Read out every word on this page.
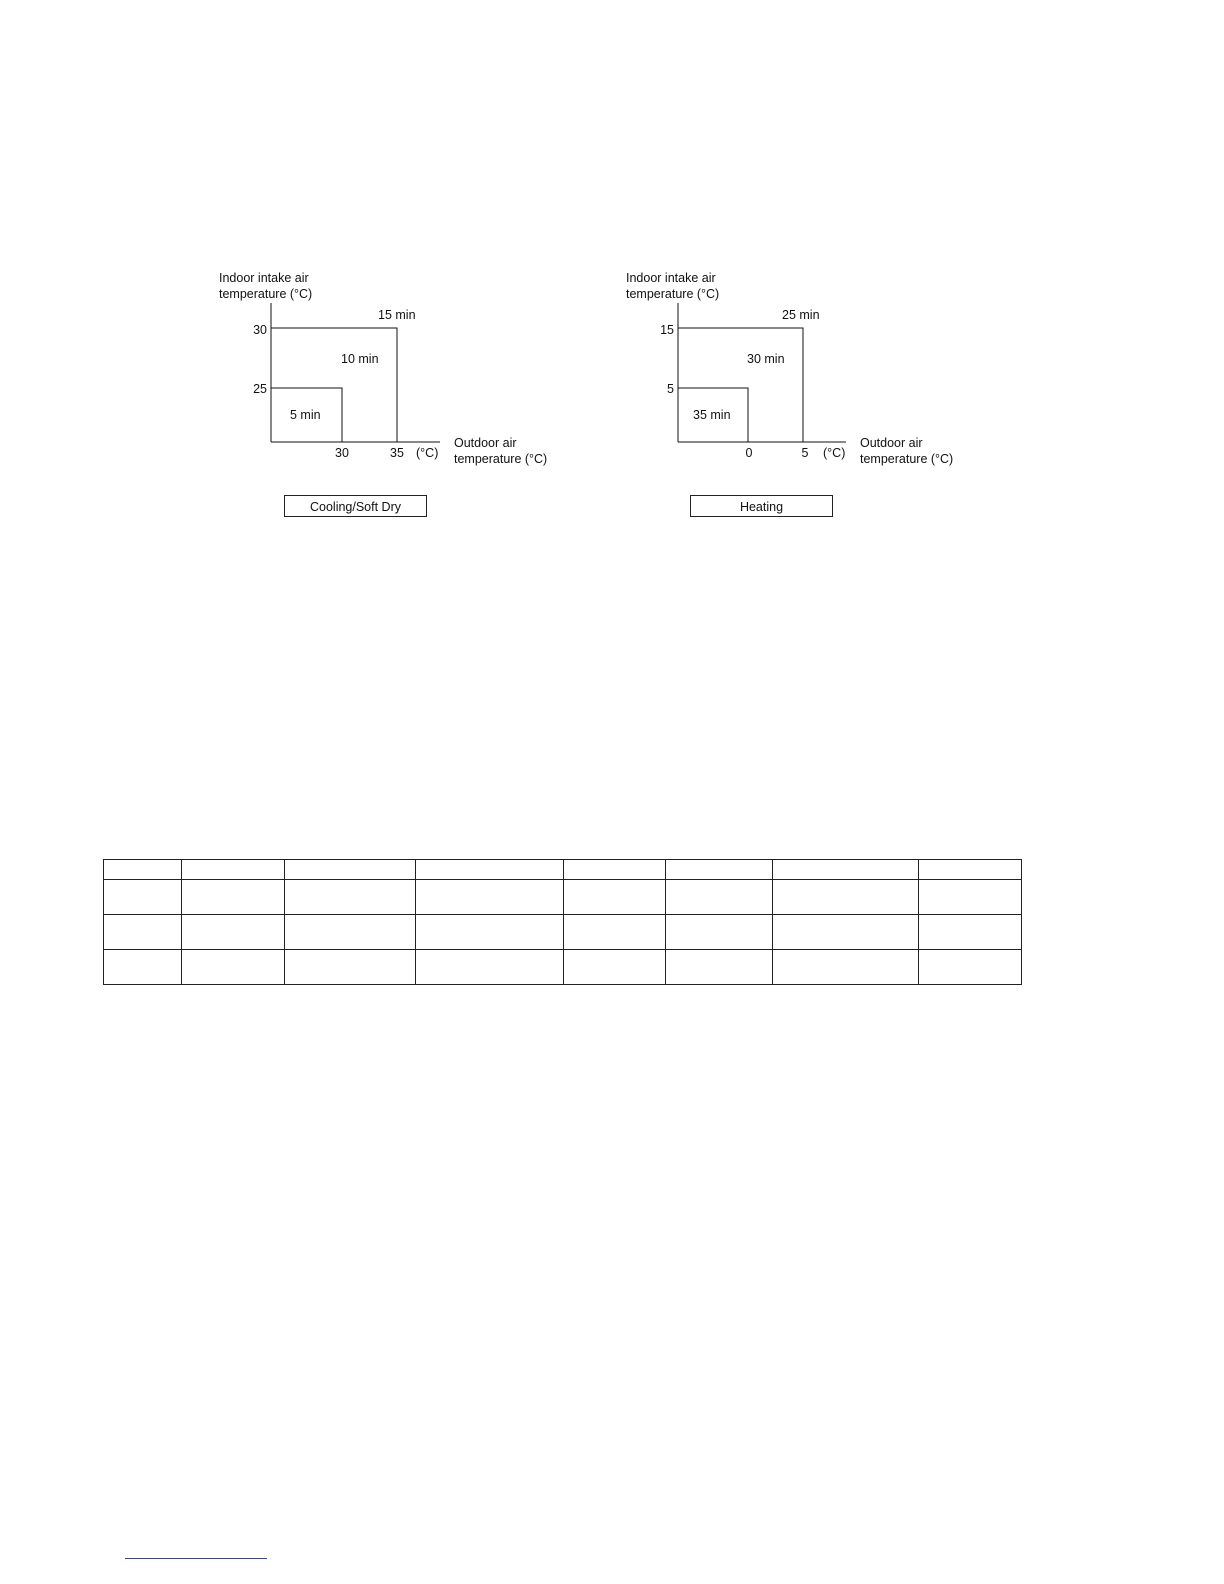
Indoor intake air
temperature (°C)
30
25
30	35 (°C)
15 min
10 min
5 min
Outdoor air
temperature (°C)
Indoor intake air
temperature (°C)
15
5
0	5 (°C)
25 min
30 min
35 min
Outdoor air
temperature (°C)
Cooling/Soft Dry	Heating
